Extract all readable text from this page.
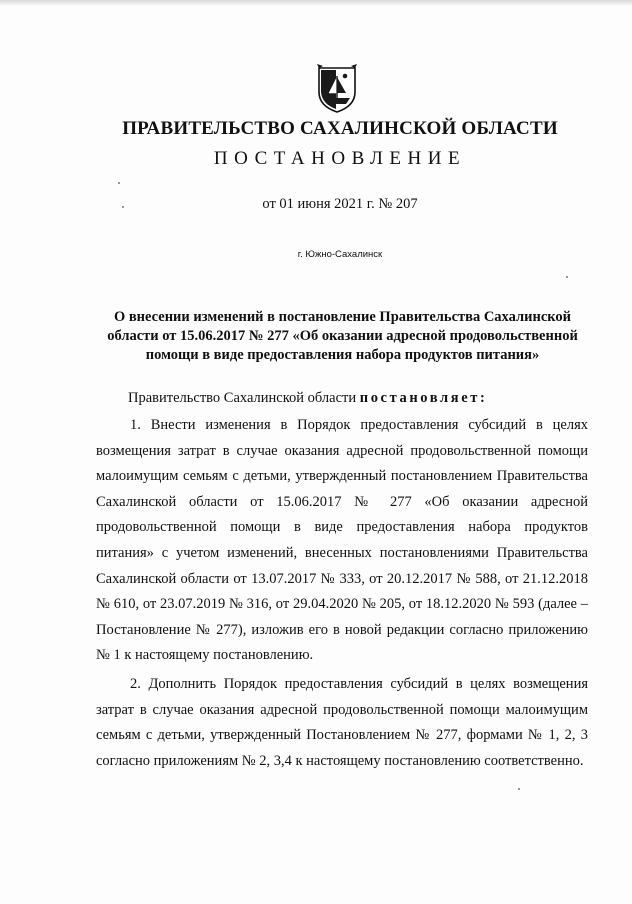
ПРАВИТЕЛЬСТВО САХАЛИНСКОЙ ОБЛАСТИ
ПОСТАНОВЛЕНИЕ
от 01 июня 2021 г. № 207
г. Южно-Сахалинск
О внесении изменений в постановление Правительства Сахалинской
области от 15.06.2017 № 277 «Об оказании адресной продовольственной
помощи в виде предоставления набора продуктов питания»
Правительство Сахалинской области постановляет:
1. Внести изменения в Порядок предоставления субсидий в целях возмещения затрат в случае оказания адресной продовольственной помощи малоимущим семьям с детьми, утвержденный постановлением Правительства Сахалинской области от 15.06.2017 № 277 «Об оказании адресной продовольственной помощи в виде предоставления набора продуктов питания» с учетом изменений, внесенных постановлениями Правительства Сахалинской области от 13.07.2017 № 333, от 20.12.2017 № 588, от 21.12.2018 № 610, от 23.07.2019 № 316, от 29.04.2020 № 205, от 18.12.2020 № 593 (далее – Постановление № 277), изложив его в новой редакции согласно приложению № 1 к настоящему постановлению.
2. Дополнить Порядок предоставления субсидий в целях возмещения затрат в случае оказания адресной продовольственной помощи малоимущим семьям с детьми, утвержденный Постановлением № 277, формами № 1, 2, 3 согласно приложениям № 2, 3,4 к настоящему постановлению соответственно.
